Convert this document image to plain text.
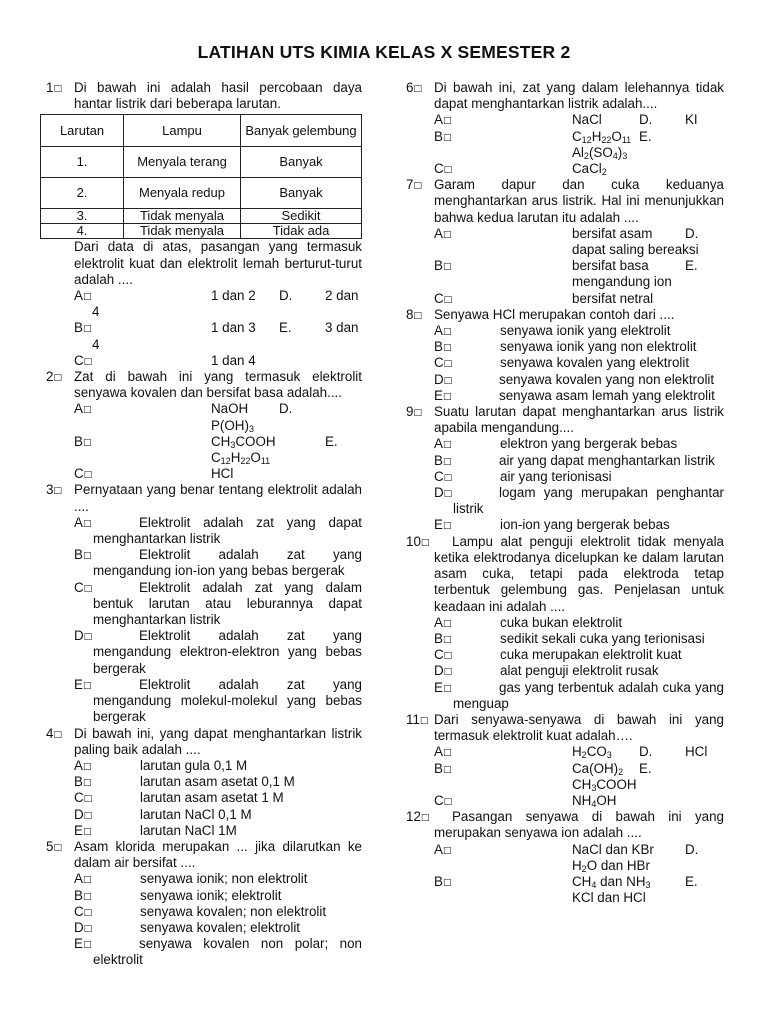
LATIHAN UTS KIMIA KELAS X SEMESTER 2
1□ Di bawah ini adalah hasil percobaan daya hantar listrik dari beberapa larutan.
Larutan	Lampu	Banyak gelembung
1.	Menyala terang	Banyak
2.	Menyala redup	Banyak
3.	Tidak menyala	Sedikit
4.	Tidak menyala	Tidak ada
Dari data di atas, pasangan yang termasuk elektrolit kuat dan elektrolit lemah berturut-turut adalah ....
A□	1 dan 2 D. 2 dan

4
B□	1 dan 3 E. 3 dan

4
C□	1 dan 4

2□ Zat di bawah ini yang termasuk elektrolit senyawa kovalen dan bersifat basa adalah....
A□	NaOH D.

$P(OH)_3$
B□	$CH_3COOH$	E.

$C_{12}H_{22}O_{11}$
C□	HCl

3□ Pernyataan yang benar tentang elektrolit adalah ....
A□	Elektrolit adalah zat yang dapat menghantarkan listrik
B□	Elektrolit adalah zat yang mengandung ion-ion yang bebas bergerak
C□	Elektrolit adalah zat yang dalam bentuk larutan atau leburannya dapat menghantarkan listrik
D□	Elektrolit adalah zat yang mengandung elektron-elektron yang bebas bergerak
E□	Elektrolit adalah zat yang mengandung molekul-molekul yang bebas bergerak
4□ Di bawah ini, yang dapat menghantarkan listrik paling baik adalah ....
A□	larutan gula 0,1 M
B□	larutan asam asetat 0,1 M
C□	larutan asam asetat 1 M
D□	larutan NaCl 0,1 M
E□	larutan NaCl 1M
5□ Asam klorida merupakan ... jika dilarutkan ke dalam air bersifat ....
A□	senyawa ionik; non elektrolit
B□	senyawa ionik; elektrolit
C□	senyawa kovalen; non elektrolit
D□	senyawa kovalen; elektrolit
E□	senyawa kovalen non polar; non elektrolit
6□ Di bawah ini, zat yang dalam lelehannya tidak dapat menghantarkan listrik adalah....
A□	NaCl	D. KI

B□	$C_{12}H_{22}O_{11}$ E.

$Al_2(SO_4)_3$
C□	CaCl$_2$

7□ Garam dapur dan cuka keduanya menghantarkan arus listrik. Hal ini menunjukkan bahwa kedua larutan itu adalah ....
A□	bersifat asam D.

dapat saling bereaksi
B□	bersifat basa	E.

mengandung ion
C□	bersifat netral

8□ Senyawa HCl merupakan contoh dari ....
A□	senyawa ionik yang elektrolit
B□	senyawa ionik yang non elektrolit
C□	senyawa kovalen yang elektrolit
D□	senyawa kovalen yang non elektrolit
E□	senyawa asam lemah yang elektrolit
9□ Suatu larutan dapat menghantarkan arus listrik apabila mengandung....
A□	elektron yang bergerak bebas
B□	air yang dapat menghantarkan listrik
C□	air yang terionisasi
D□	logam yang merupakan penghantar listrik
E□	ion-ion yang bergerak bebas
10□	Lampu alat penguji elektrolit tidak menyala ketika elektrodanya dicelupkan ke dalam larutan asam cuka, tetapi pada elektroda tetap terbentuk gelembung gas. Penjelasan untuk keadaan ini adalah ....
A□	cuka bukan elektrolit
B□	sedikit sekali cuka yang terionisasi
C□	cuka merupakan elektrolit kuat
D□	alat penguji elektrolit rusak
E□	gas yang terbentuk adalah cuka yang menguap
11□ Dari senyawa-senyawa di bawah ini yang termasuk elektrolit kuat adalah….
A□	$H_2CO_3$ D. HCl

B□	$Ca(OH)_2$ E.

$CH_3COOH$
C□	$NH_4OH$

12□	Pasangan senyawa di bawah ini yang merupakan senyawa ion adalah ....
A□	NaCl dan KBr D.

$H_2O$ dan HBr
B□	$CH_4$ dan $NH_3$	E.

KCl dan HCl
